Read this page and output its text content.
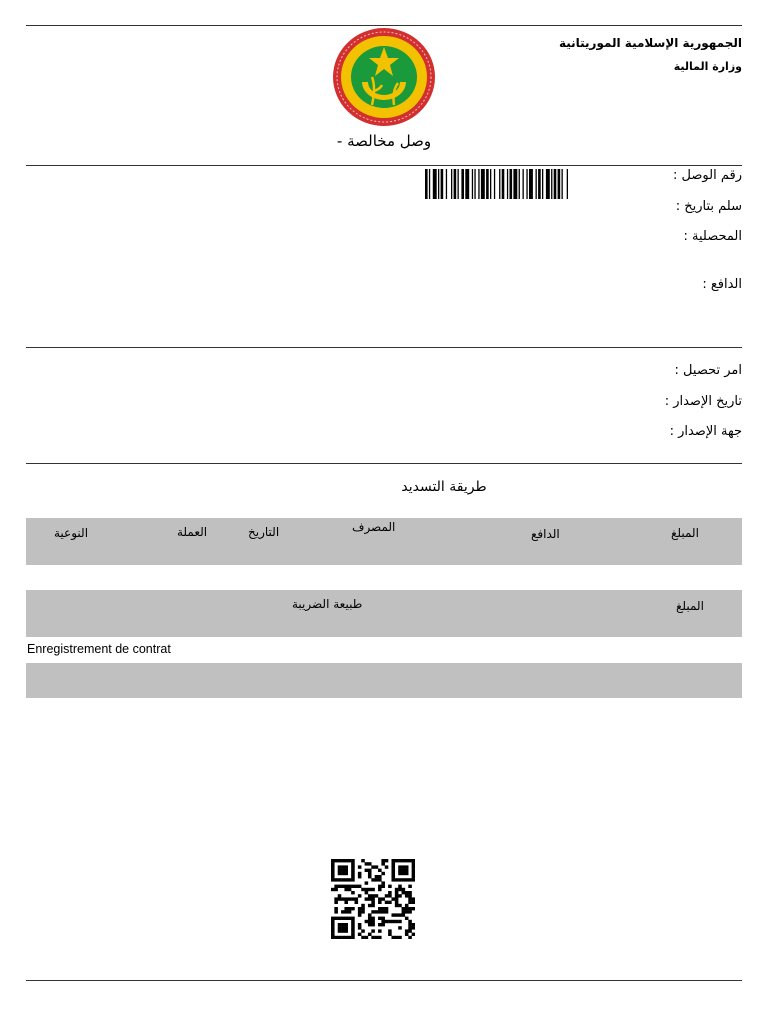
الجمهورية الإسلامية الموريتانية
وزارة المالية
وصل مخالصة -
رقم الوصل :
سلم بتاريخ :
المحصلية :
الدافع :
امر تحصيل :
تاريخ الإصدار :
جهة الإصدار :
طريقة التسديد
المبلغ
الدافع
المصرف
التاريخ
العملة
النوعية
المبلغ
طبيعة الضريبة
Enregistrement de contrat
